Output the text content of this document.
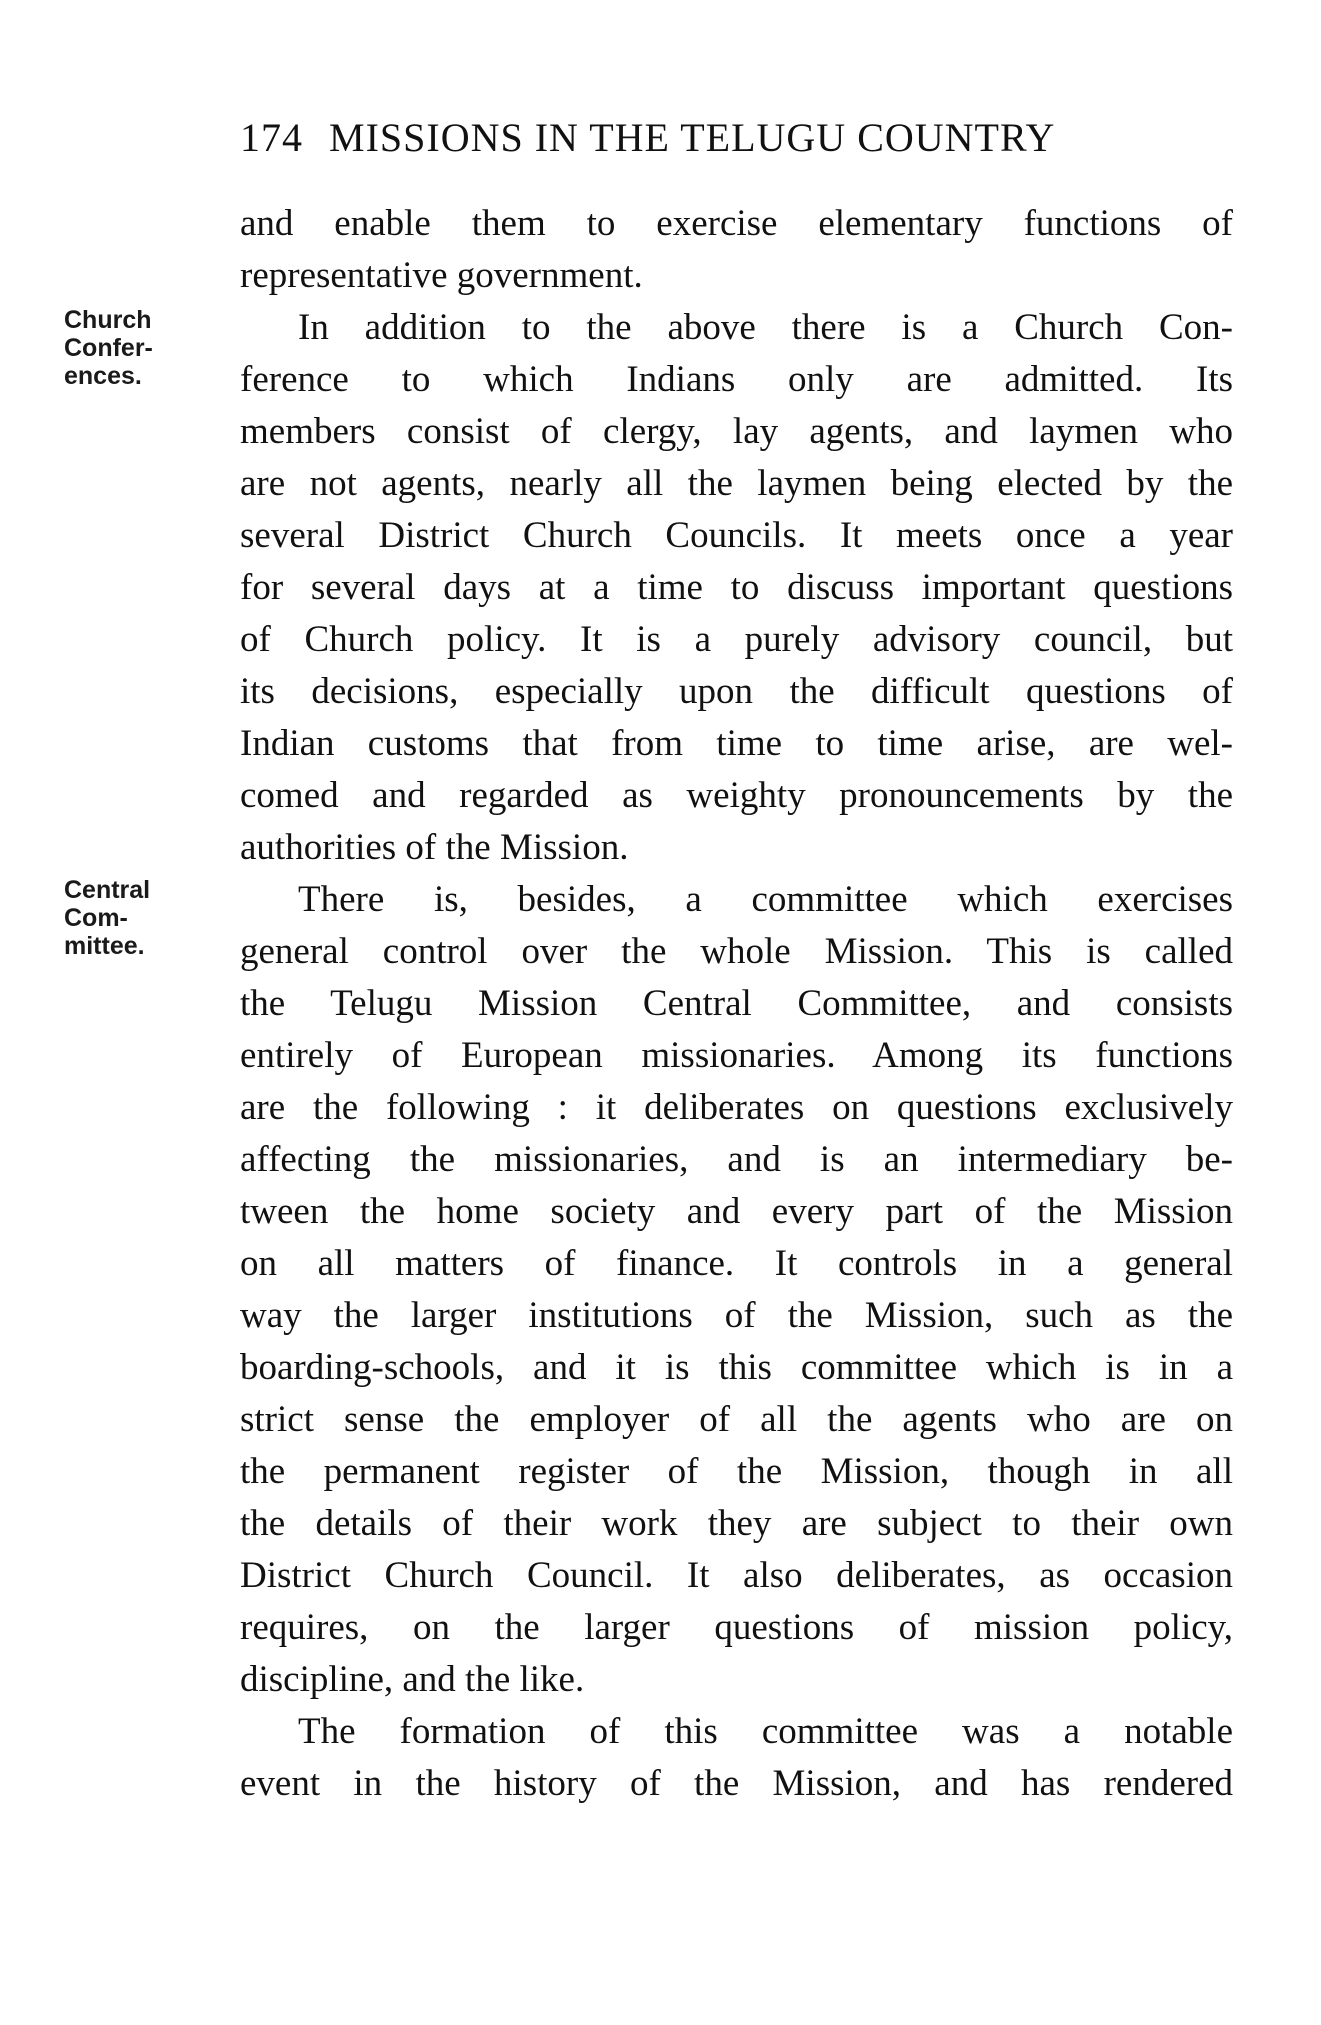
174 MISSIONS IN THE TELUGU COUNTRY
Church
Confer-
ences.
Central
Com-
mittee.
and enable them to exercise elementary functions of
representative government.
In addition to the above there is a Church Con-
ference to which Indians only are admitted. Its
members consist of clergy, lay agents, and laymen who
are not agents, nearly all the laymen being elected by the
several District Church Councils. It meets once a year
for several days at a time to discuss important questions
of Church policy. It is a purely advisory council, but
its decisions, especially upon the difficult questions of
Indian customs that from time to time arise, are wel-
comed and regarded as weighty pronouncements by the
authorities of the Mission.
There is, besides, a committee which exercises
general control over the whole Mission. This is called
the Telugu Mission Central Committee, and consists
entirely of European missionaries. Among its functions
are the following : it deliberates on questions exclusively
affecting the missionaries, and is an intermediary be-
tween the home society and every part of the Mission
on all matters of finance. It controls in a general
way the larger institutions of the Mission, such as the
boarding-schools, and it is this committee which is in a
strict sense the employer of all the agents who are on
the permanent register of the Mission, though in all
the details of their work they are subject to their own
District Church Council. It also deliberates, as occasion
requires, on the larger questions of mission policy,
discipline, and the like.
The formation of this committee was a notable
event in the history of the Mission, and has rendered
